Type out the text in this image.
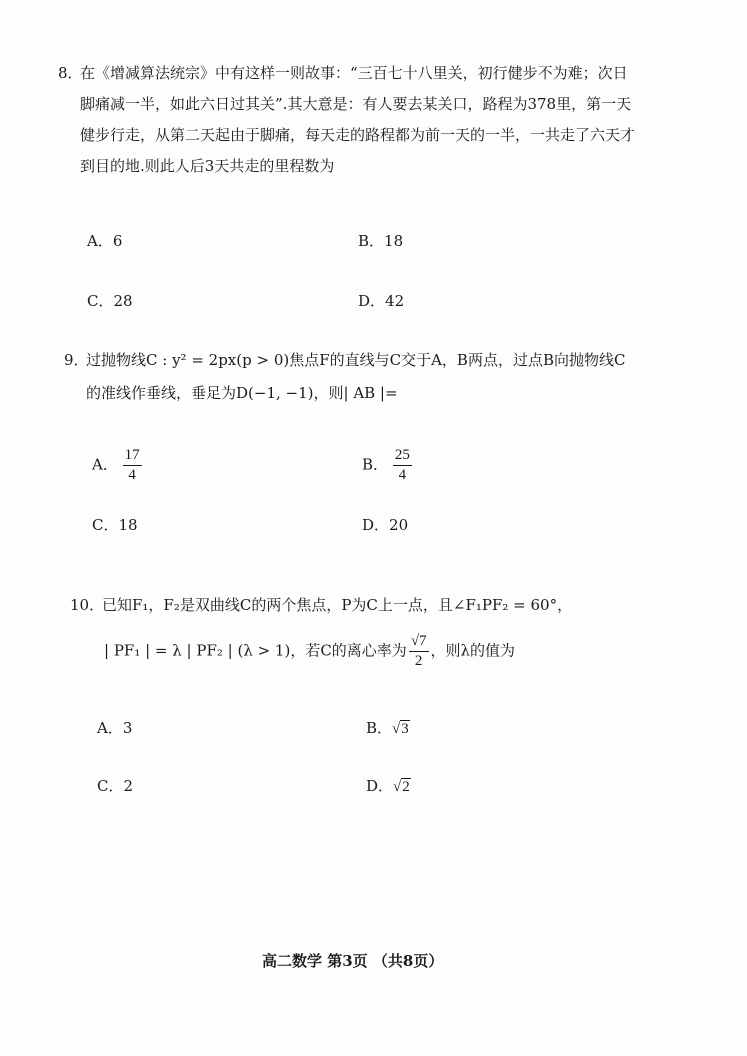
8．
在《增减算法统宗》中有这样一则故事：“三百七十八里关，初行健步不为难；次日
脚痛减一半，如此六日过其关”.其大意是：有人要去某关口，路程为378里，第一天
健步行走，从第二天起由于脚痛，每天走的路程都为前一天的一半，一共走了六天才
到目的地.则此人后3天共走的里程数为
A．6	B．18
C．28	D．42
9．
过抛物线C : y² = 2px(p > 0)焦点F的直线与C交于A，B两点，过点B向抛物线C
的准线作垂线，垂足为D(−1, −1)，则| AB |=
A． $\frac{17}{4}$	B． $\frac{25}{4}$
C．18	D．20
10．
已知F₁，F₂是双曲线C的两个焦点，P为C上一点，且∠F₁PF₂ = 60°，
| PF₁ | = λ | PF₂ | (λ > 1)，若C的离心率为 $\frac{√7}{2}$ ，则λ的值为
A．3	B．√3
C．2	D．√2
高二数学 第3页 （共8页）
